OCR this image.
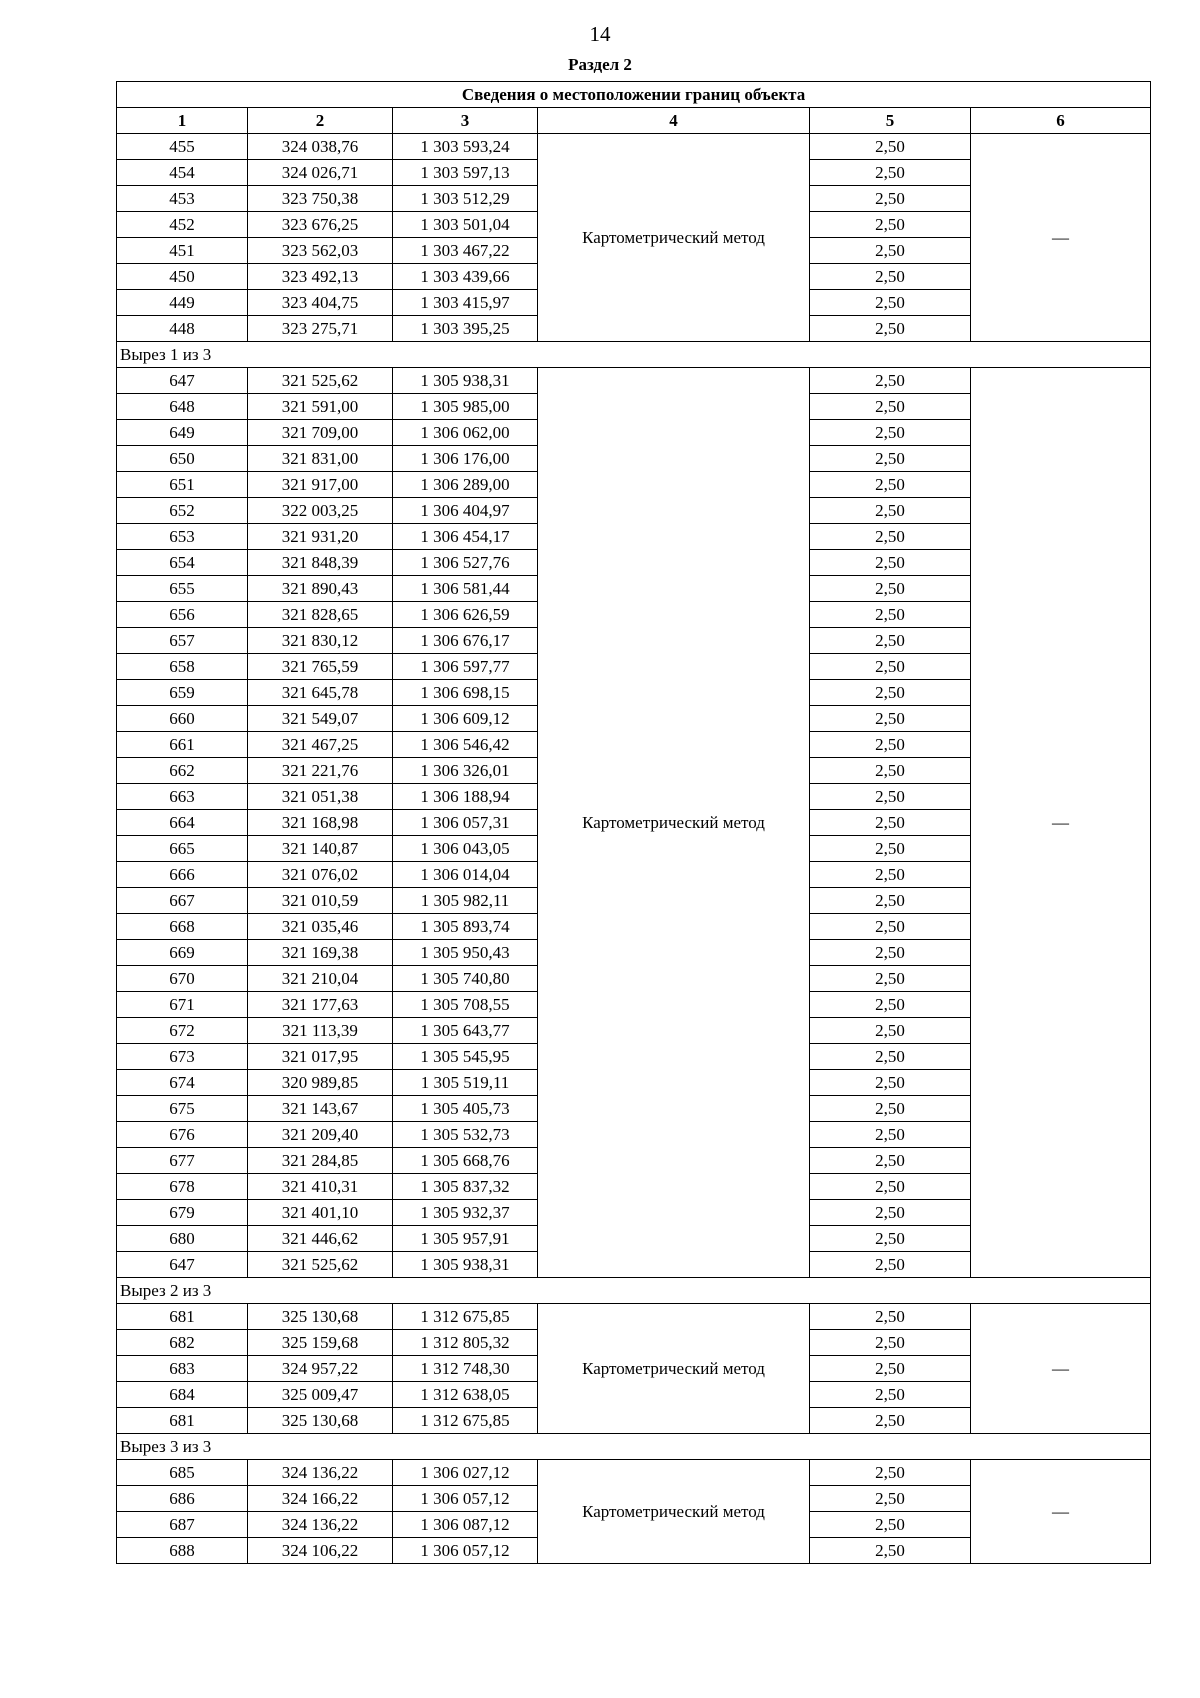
14
Раздел 2
Сведения о местоположении границ объекта					
1	2	3	4	5	6
455	324 038,76	1 303 593,24	Картометрический метод	2,50	—
454	324 026,71	1 303 597,13		2,50	
453	323 750,38	1 303 512,29		2,50	
452	323 676,25	1 303 501,04		2,50	
451	323 562,03	1 303 467,22		2,50	
450	323 492,13	1 303 439,66		2,50	
449	323 404,75	1 303 415,97		2,50	
448	323 275,71	1 303 395,25		2,50	
Вырез 1 из 3					
647	321 525,62	1 305 938,31	Картометрический метод	2,50	—
648	321 591,00	1 305 985,00		2,50	
649	321 709,00	1 306 062,00		2,50	
650	321 831,00	1 306 176,00		2,50	
651	321 917,00	1 306 289,00		2,50	
652	322 003,25	1 306 404,97		2,50	
653	321 931,20	1 306 454,17		2,50	
654	321 848,39	1 306 527,76		2,50	
655	321 890,43	1 306 581,44		2,50	
656	321 828,65	1 306 626,59		2,50	
657	321 830,12	1 306 676,17		2,50	
658	321 765,59	1 306 597,77		2,50	
659	321 645,78	1 306 698,15		2,50	
660	321 549,07	1 306 609,12		2,50	
661	321 467,25	1 306 546,42		2,50	
662	321 221,76	1 306 326,01		2,50	
663	321 051,38	1 306 188,94		2,50	
664	321 168,98	1 306 057,31		2,50	
665	321 140,87	1 306 043,05		2,50	
666	321 076,02	1 306 014,04		2,50	
667	321 010,59	1 305 982,11		2,50	
668	321 035,46	1 305 893,74		2,50	
669	321 169,38	1 305 950,43		2,50	
670	321 210,04	1 305 740,80		2,50	
671	321 177,63	1 305 708,55		2,50	
672	321 113,39	1 305 643,77		2,50	
673	321 017,95	1 305 545,95		2,50	
674	320 989,85	1 305 519,11		2,50	
675	321 143,67	1 305 405,73		2,50	
676	321 209,40	1 305 532,73		2,50	
677	321 284,85	1 305 668,76		2,50	
678	321 410,31	1 305 837,32		2,50	
679	321 401,10	1 305 932,37		2,50	
680	321 446,62	1 305 957,91		2,50	
647	321 525,62	1 305 938,31		2,50	
Вырез 2 из 3					
681	325 130,68	1 312 675,85	Картометрический метод	2,50	—
682	325 159,68	1 312 805,32		2,50	
683	324 957,22	1 312 748,30		2,50	
684	325 009,47	1 312 638,05		2,50	
681	325 130,68	1 312 675,85		2,50	
Вырез 3 из 3					
685	324 136,22	1 306 027,12	Картометрический метод	2,50	—
686	324 166,22	1 306 057,12		2,50	
687	324 136,22	1 306 087,12		2,50	
688	324 106,22	1 306 057,12		2,50	
